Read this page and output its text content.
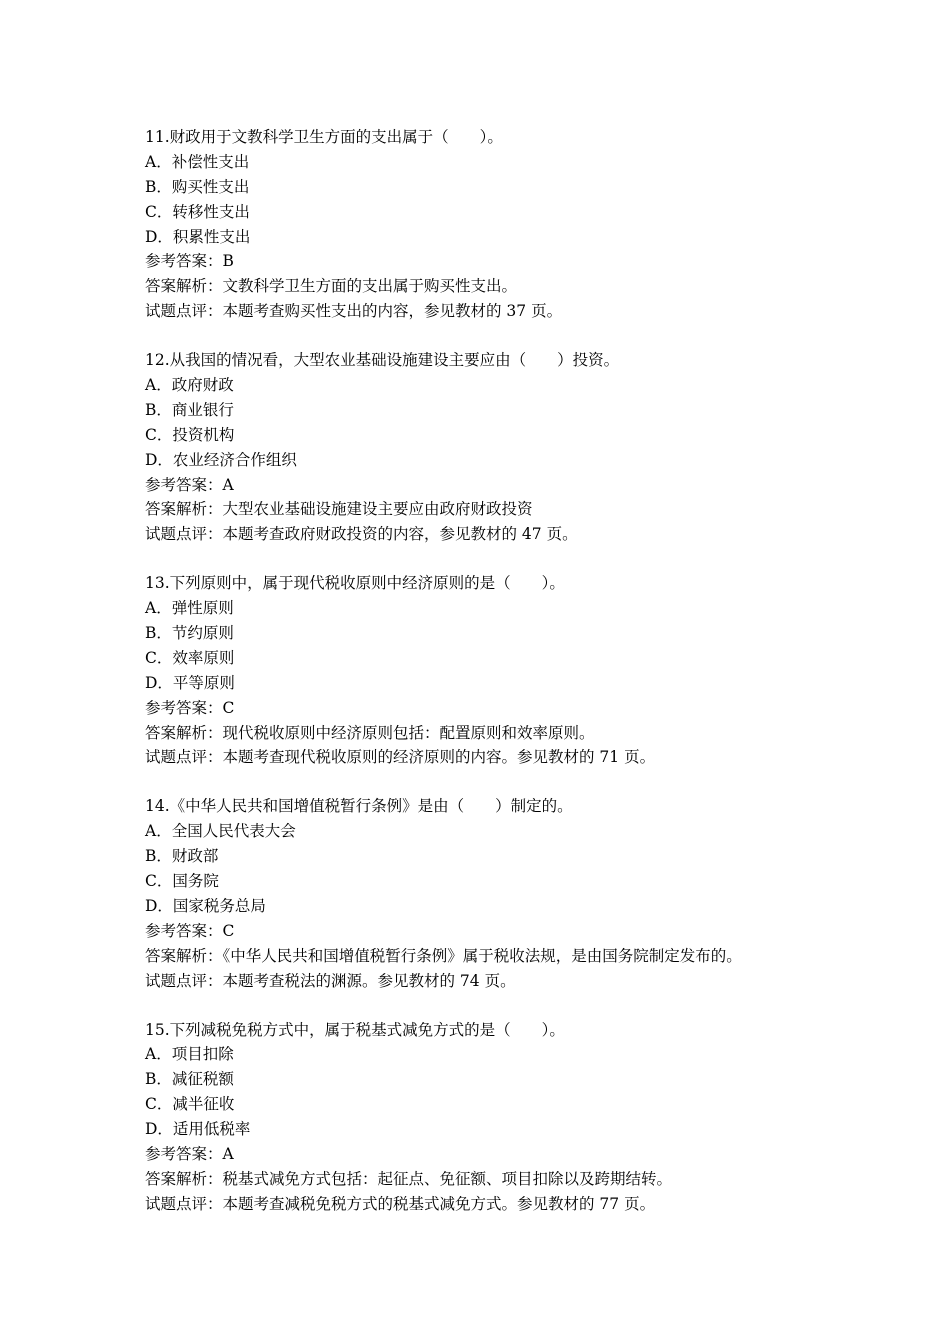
11.财政用于文教科学卫生方面的支出属于（　　）。
A．补偿性支出
B．购买性支出
C．转移性支出
D．积累性支出
参考答案：B
答案解析：文教科学卫生方面的支出属于购买性支出。
试题点评：本题考查购买性支出的内容，参见教材的 37 页。
12.从我国的情况看，大型农业基础设施建设主要应由（　　）投资。
A．政府财政
B．商业银行
C．投资机构
D．农业经济合作组织
参考答案：A
答案解析：大型农业基础设施建设主要应由政府财政投资
试题点评：本题考查政府财政投资的内容，参见教材的 47 页。
13.下列原则中，属于现代税收原则中经济原则的是（　　）。
A．弹性原则
B．节约原则
C．效率原则
D．平等原则
参考答案：C
答案解析：现代税收原则中经济原则包括：配置原则和效率原则。
试题点评：本题考查现代税收原则的经济原则的内容。参见教材的 71 页。
14.《中华人民共和国增值税暂行条例》是由（　　）制定的。
A．全国人民代表大会
B．财政部
C．国务院
D．国家税务总局
参考答案：C
答案解析：《中华人民共和国增值税暂行条例》属于税收法规，是由国务院制定发布的。
试题点评：本题考查税法的渊源。参见教材的 74 页。
15.下列减税免税方式中，属于税基式减免方式的是（　　）。
A．项目扣除
B．减征税额
C．减半征收
D．适用低税率
参考答案：A
答案解析：税基式减免方式包括：起征点、免征额、项目扣除以及跨期结转。
试题点评：本题考查减税免税方式的税基式减免方式。参见教材的 77 页。
